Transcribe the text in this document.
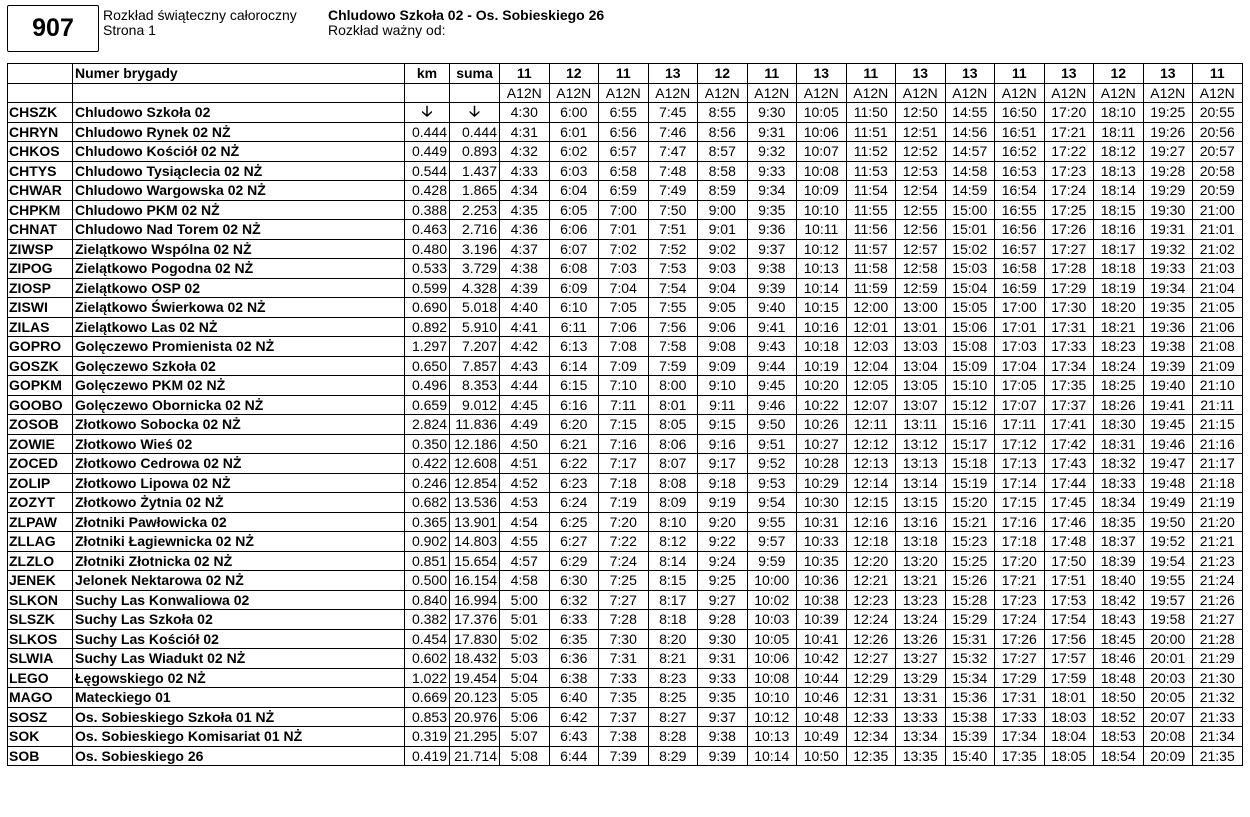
907 Rozkład świąteczny całoroczny
Strona 1
Chludowo Szkoła 02 - Os. Sobieskiego 26
Rozkład ważny od:
	Numer brygady	km	suma	11	12	11	13	12	11	13	11	13	13	11	13	12	13	11
				A12N	A12N	A12N	A12N	A12N	A12N	A12N	A12N	A12N	A12N	A12N	A12N	A12N	A12N	A12N
CHSZK	Chludowo Szkoła 02	🡣	🡣	4:30	6:00	6:55	7:45	8:55	9:30	10:05	11:50	12:50	14:55	16:50	17:20	18:10	19:25	20:55
CHRYN	Chludowo Rynek 02 NŻ	0.444	0.444	4:31	6:01	6:56	7:46	8:56	9:31	10:06	11:51	12:51	14:56	16:51	17:21	18:11	19:26	20:56
CHKOS	Chludowo Kościół 02 NŻ	0.449	0.893	4:32	6:02	6:57	7:47	8:57	9:32	10:07	11:52	12:52	14:57	16:52	17:22	18:12	19:27	20:57
CHTYS	Chludowo Tysiąclecia 02 NŻ	0.544	1.437	4:33	6:03	6:58	7:48	8:58	9:33	10:08	11:53	12:53	14:58	16:53	17:23	18:13	19:28	20:58
CHWAR	Chludowo Wargowska 02 NŻ	0.428	1.865	4:34	6:04	6:59	7:49	8:59	9:34	10:09	11:54	12:54	14:59	16:54	17:24	18:14	19:29	20:59
CHPKM	Chludowo PKM 02 NŻ	0.388	2.253	4:35	6:05	7:00	7:50	9:00	9:35	10:10	11:55	12:55	15:00	16:55	17:25	18:15	19:30	21:00
CHNAT	Chludowo Nad Torem 02 NŻ	0.463	2.716	4:36	6:06	7:01	7:51	9:01	9:36	10:11	11:56	12:56	15:01	16:56	17:26	18:16	19:31	21:01
ZIWSP	Zielątkowo Wspólna 02 NŻ	0.480	3.196	4:37	6:07	7:02	7:52	9:02	9:37	10:12	11:57	12:57	15:02	16:57	17:27	18:17	19:32	21:02
ZIPOG	Zielątkowo Pogodna 02 NŻ	0.533	3.729	4:38	6:08	7:03	7:53	9:03	9:38	10:13	11:58	12:58	15:03	16:58	17:28	18:18	19:33	21:03
ZIOSP	Zielątkowo OSP 02	0.599	4.328	4:39	6:09	7:04	7:54	9:04	9:39	10:14	11:59	12:59	15:04	16:59	17:29	18:19	19:34	21:04
ZISWI	Zielątkowo Świerkowa 02 NŻ	0.690	5.018	4:40	6:10	7:05	7:55	9:05	9:40	10:15	12:00	13:00	15:05	17:00	17:30	18:20	19:35	21:05
ZILAS	Zielątkowo Las 02 NŻ	0.892	5.910	4:41	6:11	7:06	7:56	9:06	9:41	10:16	12:01	13:01	15:06	17:01	17:31	18:21	19:36	21:06
GOPRO	Golęczewo Promienista 02 NŻ	1.297	7.207	4:42	6:13	7:08	7:58	9:08	9:43	10:18	12:03	13:03	15:08	17:03	17:33	18:23	19:38	21:08
GOSZK	Golęczewo Szkoła 02	0.650	7.857	4:43	6:14	7:09	7:59	9:09	9:44	10:19	12:04	13:04	15:09	17:04	17:34	18:24	19:39	21:09
GOPKM	Golęczewo PKM 02 NŻ	0.496	8.353	4:44	6:15	7:10	8:00	9:10	9:45	10:20	12:05	13:05	15:10	17:05	17:35	18:25	19:40	21:10
GOOBO	Golęczewo Obornicka 02 NŻ	0.659	9.012	4:45	6:16	7:11	8:01	9:11	9:46	10:22	12:07	13:07	15:12	17:07	17:37	18:26	19:41	21:11
ZOSOB	Złotkowo Sobocka 02 NŻ	2.824	11.836	4:49	6:20	7:15	8:05	9:15	9:50	10:26	12:11	13:11	15:16	17:11	17:41	18:30	19:45	21:15
ZOWIE	Złotkowo Wieś 02	0.350	12.186	4:50	6:21	7:16	8:06	9:16	9:51	10:27	12:12	13:12	15:17	17:12	17:42	18:31	19:46	21:16
ZOCED	Złotkowo Cedrowa 02 NŻ	0.422	12.608	4:51	6:22	7:17	8:07	9:17	9:52	10:28	12:13	13:13	15:18	17:13	17:43	18:32	19:47	21:17
ZOLIP	Złotkowo Lipowa 02 NŻ	0.246	12.854	4:52	6:23	7:18	8:08	9:18	9:53	10:29	12:14	13:14	15:19	17:14	17:44	18:33	19:48	21:18
ZOZYT	Złotkowo Żytnia 02 NŻ	0.682	13.536	4:53	6:24	7:19	8:09	9:19	9:54	10:30	12:15	13:15	15:20	17:15	17:45	18:34	19:49	21:19
ZLPAW	Złotniki Pawłowicka 02	0.365	13.901	4:54	6:25	7:20	8:10	9:20	9:55	10:31	12:16	13:16	15:21	17:16	17:46	18:35	19:50	21:20
ZLLAG	Złotniki Łagiewnicka 02 NŻ	0.902	14.803	4:55	6:27	7:22	8:12	9:22	9:57	10:33	12:18	13:18	15:23	17:18	17:48	18:37	19:52	21:21
ZLZLO	Złotniki Złotnicka 02 NŻ	0.851	15.654	4:57	6:29	7:24	8:14	9:24	9:59	10:35	12:20	13:20	15:25	17:20	17:50	18:39	19:54	21:23
JENEK	Jelonek Nektarowa 02 NŻ	0.500	16.154	4:58	6:30	7:25	8:15	9:25	10:00	10:36	12:21	13:21	15:26	17:21	17:51	18:40	19:55	21:24
SLKON	Suchy Las Konwaliowa 02	0.840	16.994	5:00	6:32	7:27	8:17	9:27	10:02	10:38	12:23	13:23	15:28	17:23	17:53	18:42	19:57	21:26
SLSZK	Suchy Las Szkoła 02	0.382	17.376	5:01	6:33	7:28	8:18	9:28	10:03	10:39	12:24	13:24	15:29	17:24	17:54	18:43	19:58	21:27
SLKOS	Suchy Las Kościół 02	0.454	17.830	5:02	6:35	7:30	8:20	9:30	10:05	10:41	12:26	13:26	15:31	17:26	17:56	18:45	20:00	21:28
SLWIA	Suchy Las Wiadukt 02 NŻ	0.602	18.432	5:03	6:36	7:31	8:21	9:31	10:06	10:42	12:27	13:27	15:32	17:27	17:57	18:46	20:01	21:29
LEGO	Łęgowskiego 02 NŻ	1.022	19.454	5:04	6:38	7:33	8:23	9:33	10:08	10:44	12:29	13:29	15:34	17:29	17:59	18:48	20:03	21:30
MAGO	Mateckiego 01	0.669	20.123	5:05	6:40	7:35	8:25	9:35	10:10	10:46	12:31	13:31	15:36	17:31	18:01	18:50	20:05	21:32
SOSZ	Os. Sobieskiego Szkoła 01 NŻ	0.853	20.976	5:06	6:42	7:37	8:27	9:37	10:12	10:48	12:33	13:33	15:38	17:33	18:03	18:52	20:07	21:33
SOK	Os. Sobieskiego Komisariat 01 NŻ	0.319	21.295	5:07	6:43	7:38	8:28	9:38	10:13	10:49	12:34	13:34	15:39	17:34	18:04	18:53	20:08	21:34
SOB	Os. Sobieskiego 26	0.419	21.714	5:08	6:44	7:39	8:29	9:39	10:14	10:50	12:35	13:35	15:40	17:35	18:05	18:54	20:09	21:35
